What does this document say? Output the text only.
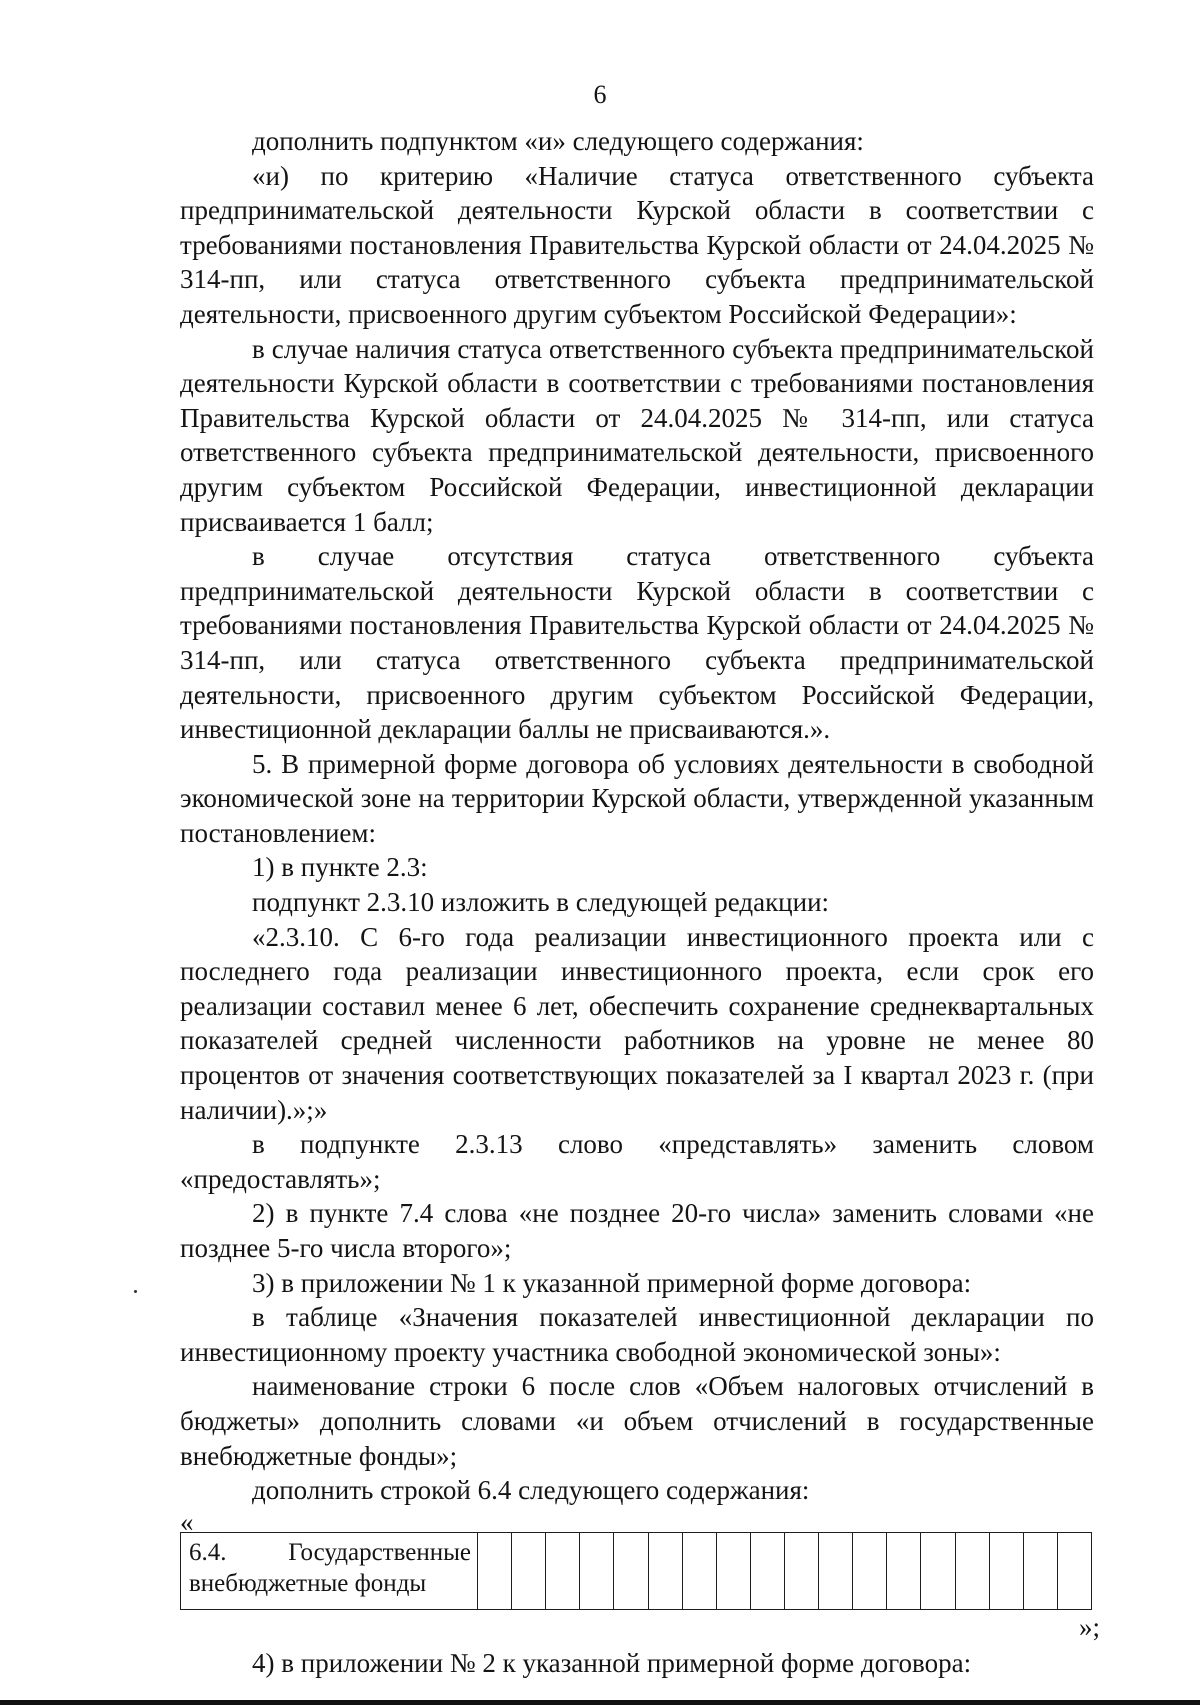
6

дополнить подпунктом «и» следующего содержания:

«и) по критерию «Наличие статуса ответственного субъекта предпринимательской деятельности Курской области в соответствии с требованиями постановления Правительства Курской области от 24.04.2025 № 314-пп, или статуса ответственного субъекта предпринимательской деятельности, присвоенного другим субъектом Российской Федерации»:

в случае наличия статуса ответственного субъекта предпринимательской деятельности Курской области в соответствии с требованиями постановления Правительства Курской области от 24.04.2025 № 314-пп, или статуса ответственного субъекта предпринимательской деятельности, присвоенного другим субъектом Российской Федерации, инвестиционной декларации присваивается 1 балл;

в случае отсутствия статуса ответственного субъекта предпринимательской деятельности Курской области в соответствии с требованиями постановления Правительства Курской области от 24.04.2025 № 314-пп, или статуса ответственного субъекта предпринимательской деятельности, присвоенного другим субъектом Российской Федерации, инвестиционной декларации баллы не присваиваются.».

5. В примерной форме договора об условиях деятельности в свободной экономической зоне на территории Курской области, утвержденной указанным постановлением:

1) в пункте 2.3:

подпункт 2.3.10 изложить в следующей редакции:

«2.3.10. С 6-го года реализации инвестиционного проекта или с последнего года реализации инвестиционного проекта, если срок его реализации составил менее 6 лет, обеспечить сохранение среднеквартальных показателей средней численности работников на уровне не менее 80 процентов от значения соответствующих показателей за I квартал 2023 г. (при наличии).»;»

в подпункте 2.3.13 слово «представлять» заменить словом «предоставлять»;

2) в пункте 7.4 слова «не позднее 20-го числа» заменить словами «не позднее 5-го числа второго»;

3) в приложении № 1 к указанной примерной форме договора:

в таблице «Значения показателей инвестиционной декларации по инвестиционному проекту участника свободной экономической зоны»:

наименование строки 6 после слов «Объем налоговых отчислений в бюджеты» дополнить словами «и объем отчислений в государственные внебюджетные фонды»;

дополнить строкой 6.4 следующего содержания:

«
6.4. Государственные
внебюджетные фонды

»;

4) в приложении № 2 к указанной примерной форме договора:
